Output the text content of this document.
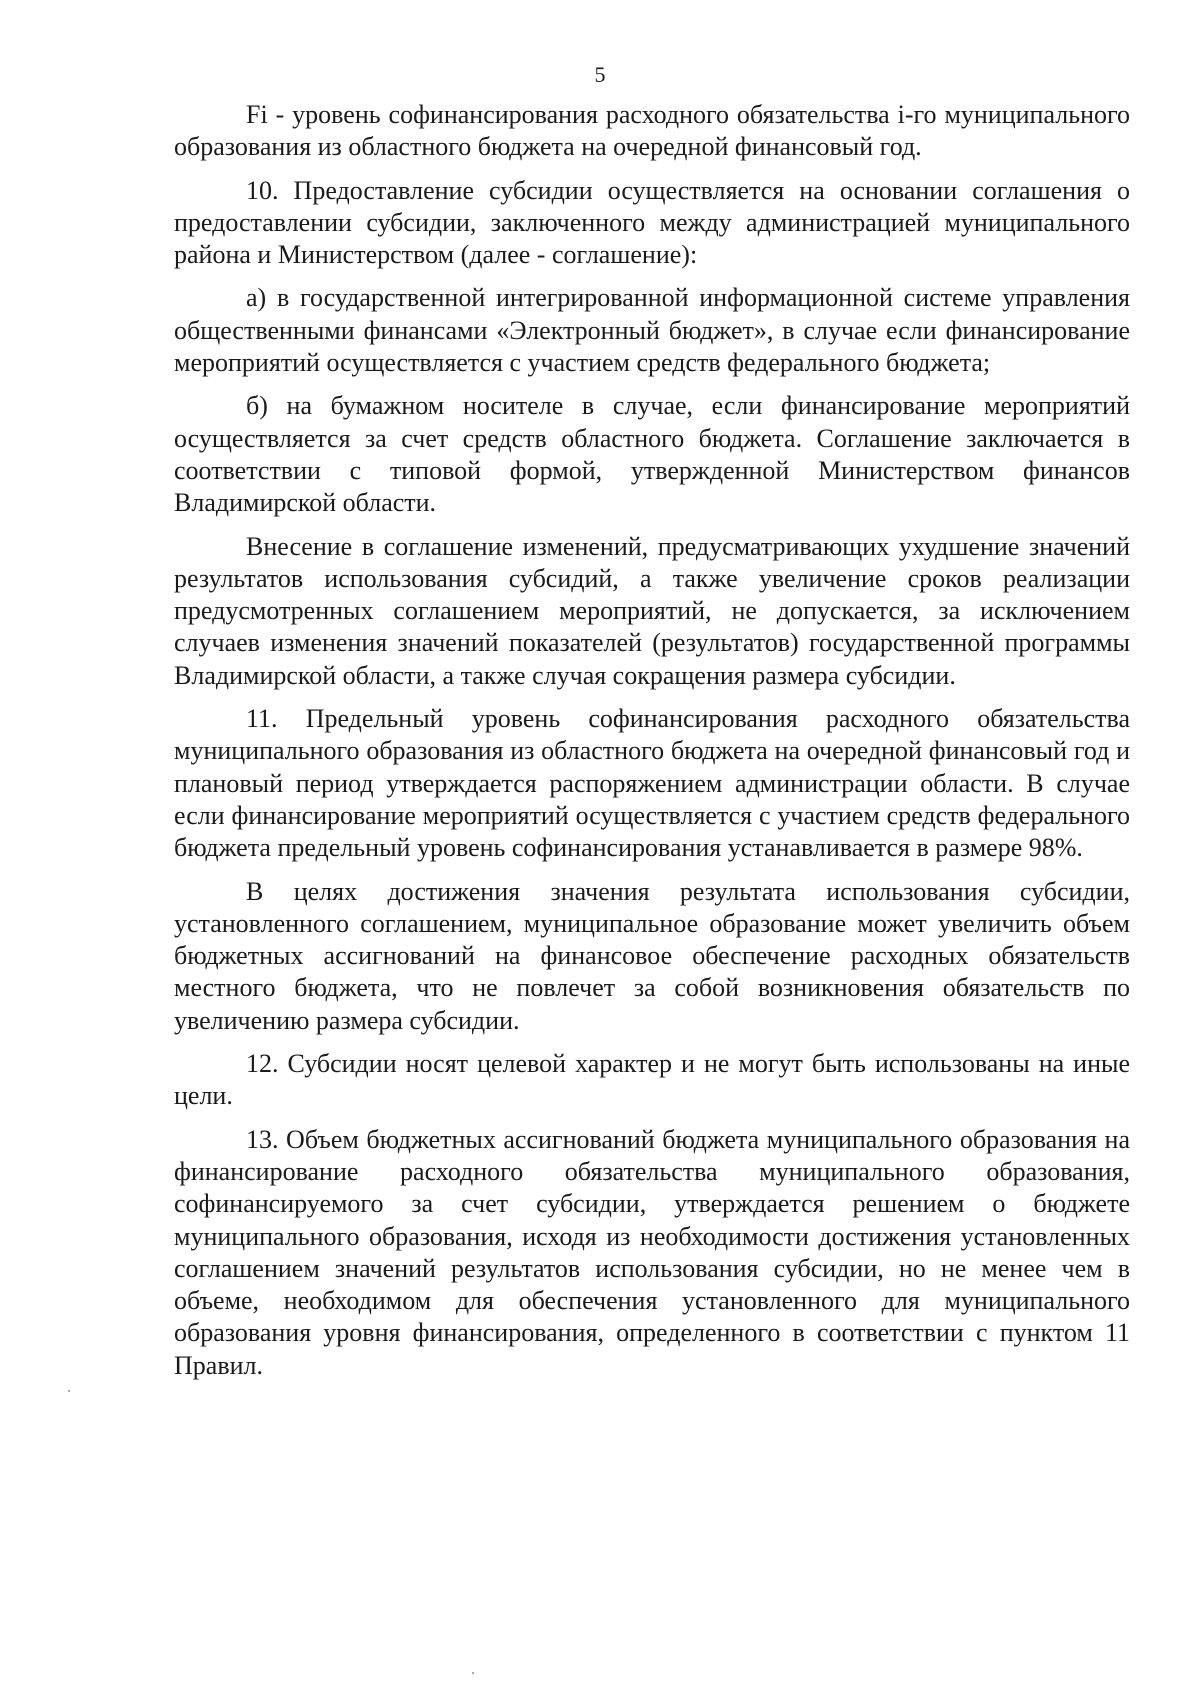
5

Fi - уровень софинансирования расходного обязательства i-го муниципального образования из областного бюджета на очередной финансовый год.

10. Предоставление субсидии осуществляется на основании соглашения о предоставлении субсидии, заключенного между администрацией муниципального района и Министерством (далее - соглашение):

а) в государственной интегрированной информационной системе управления общественными финансами «Электронный бюджет», в случае если финансирование мероприятий осуществляется с участием средств федерального бюджета;

б) на бумажном носителе в случае, если финансирование мероприятий осуществляется за счет средств областного бюджета. Соглашение заключается в соответствии с типовой формой, утвержденной Министерством финансов Владимирской области.

Внесение в соглашение изменений, предусматривающих ухудшение значений результатов использования субсидий, а также увеличение сроков реализации предусмотренных соглашением мероприятий, не допускается, за исключением случаев изменения значений показателей (результатов) государственной программы Владимирской области, а также случая сокращения размера субсидии.

11. Предельный уровень софинансирования расходного обязательства муниципального образования из областного бюджета на очередной финансовый год и плановый период утверждается распоряжением администрации области. В случае если финансирование мероприятий осуществляется с участием средств федерального бюджета предельный уровень софинансирования устанавливается в размере 98%.

В целях достижения значения результата использования субсидии, установленного соглашением, муниципальное образование может увеличить объем бюджетных ассигнований на финансовое обеспечение расходных обязательств местного бюджета, что не повлечет за собой возникновения обязательств по увеличению размера субсидии.

12. Субсидии носят целевой характер и не могут быть использованы на иные цели.

13. Объем бюджетных ассигнований бюджета муниципального образования на финансирование расходного обязательства муниципального образования, софинансируемого за счет субсидии, утверждается решением о бюджете муниципального образования, исходя из необходимости достижения установленных соглашением значений результатов использования субсидии, но не менее чем в объеме, необходимом для обеспечения установленного для муниципального образования уровня финансирования, определенного в соответствии с пунктом 11 Правил.
